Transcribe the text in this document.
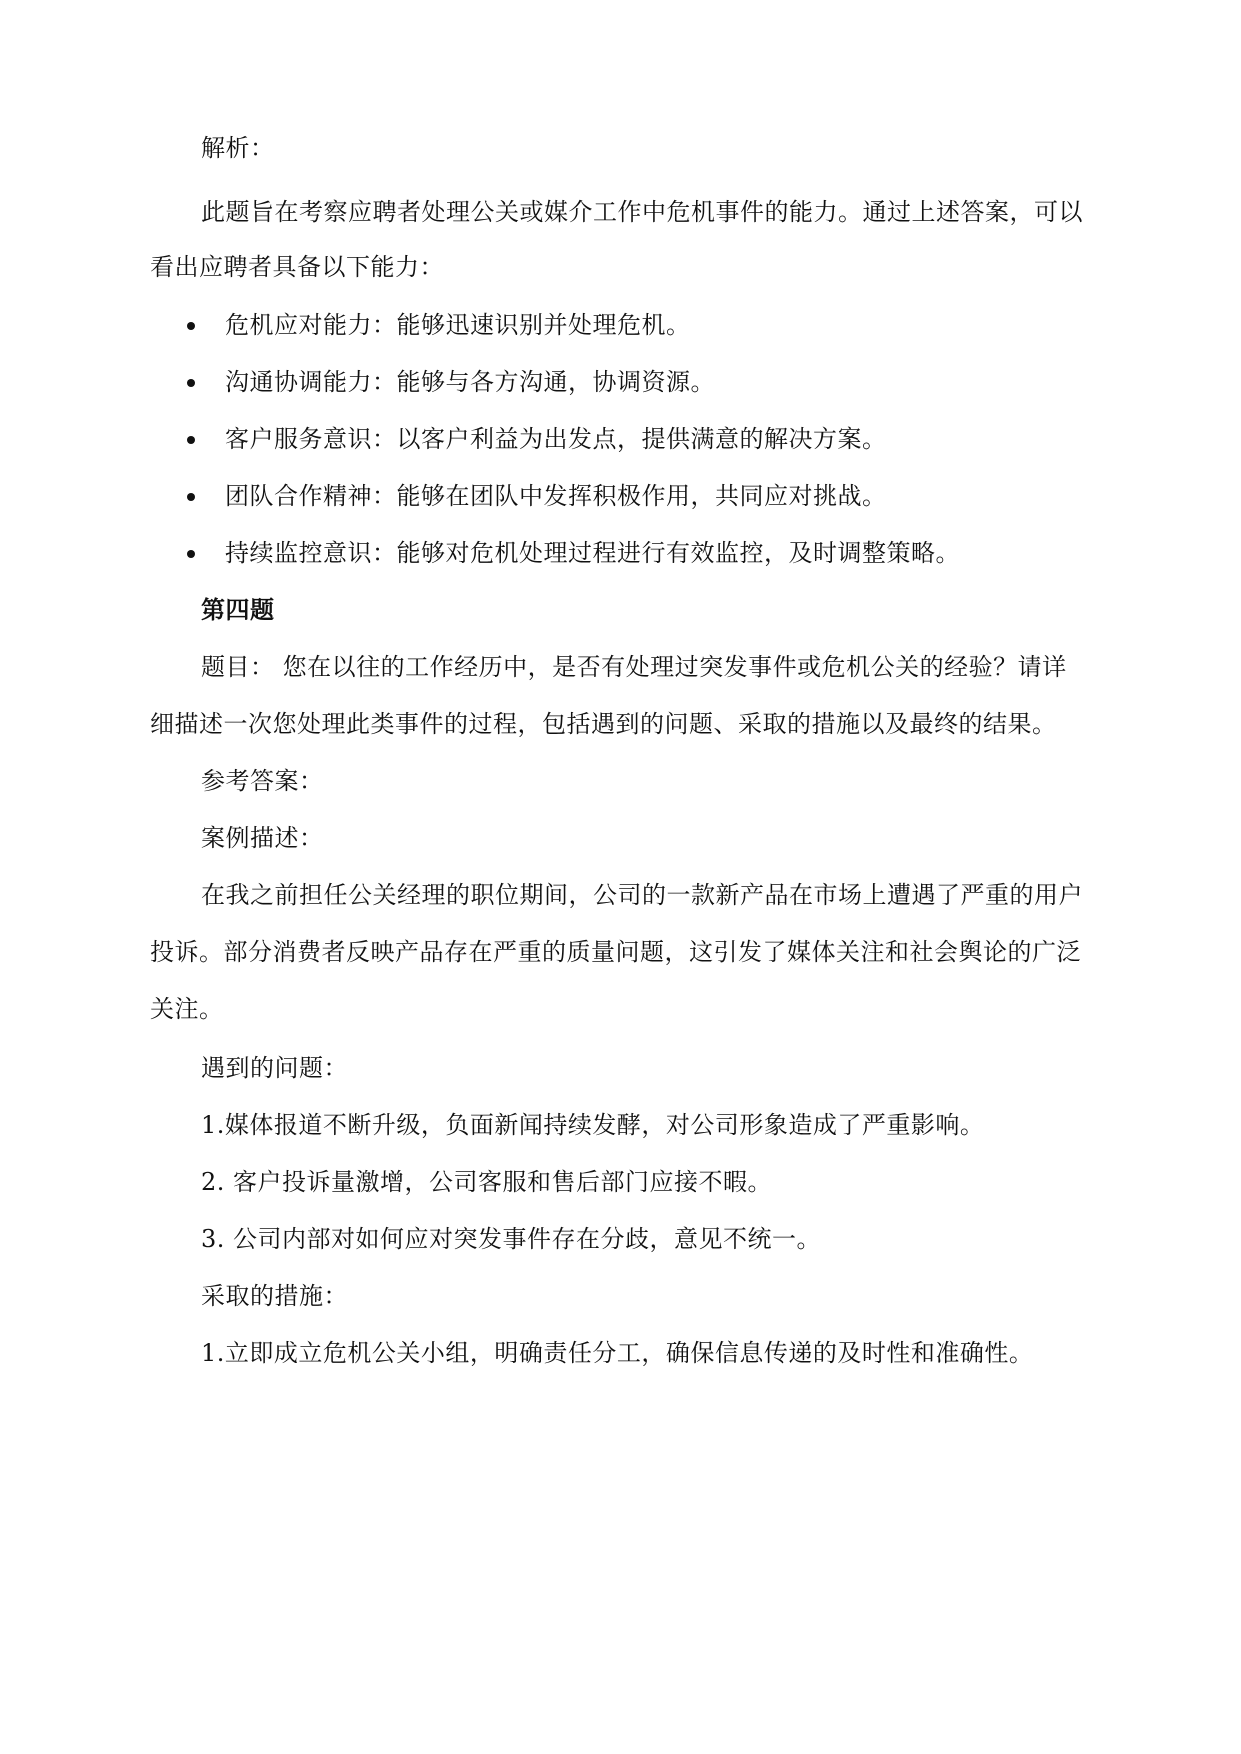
解析：
此题旨在考察应聘者处理公关或媒介工作中危机事件的能力。通过上述答案，可以
看出应聘者具备以下能力：
危机应对能力：能够迅速识别并处理危机。
沟通协调能力：能够与各方沟通，协调资源。
客户服务意识：以客户利益为出发点，提供满意的解决方案。
团队合作精神：能够在团队中发挥积极作用，共同应对挑战。
持续监控意识：能够对危机处理过程进行有效监控，及时调整策略。
第四题
题目： 您在以往的工作经历中，是否有处理过突发事件或危机公关的经验？请详
细描述一次您处理此类事件的过程，包括遇到的问题、采取的措施以及最终的结果。
参考答案：
案例描述：
在我之前担任公关经理的职位期间，公司的一款新产品在市场上遭遇了严重的用户
投诉。部分消费者反映产品存在严重的质量问题，这引发了媒体关注和社会舆论的广泛
关注。
遇到的问题：
1.媒体报道不断升级，负面新闻持续发酵，对公司形象造成了严重影响。
2. 客户投诉量激增，公司客服和售后部门应接不暇。
3. 公司内部对如何应对突发事件存在分歧，意见不统一。
采取的措施：
1.立即成立危机公关小组，明确责任分工，确保信息传递的及时性和准确性。
